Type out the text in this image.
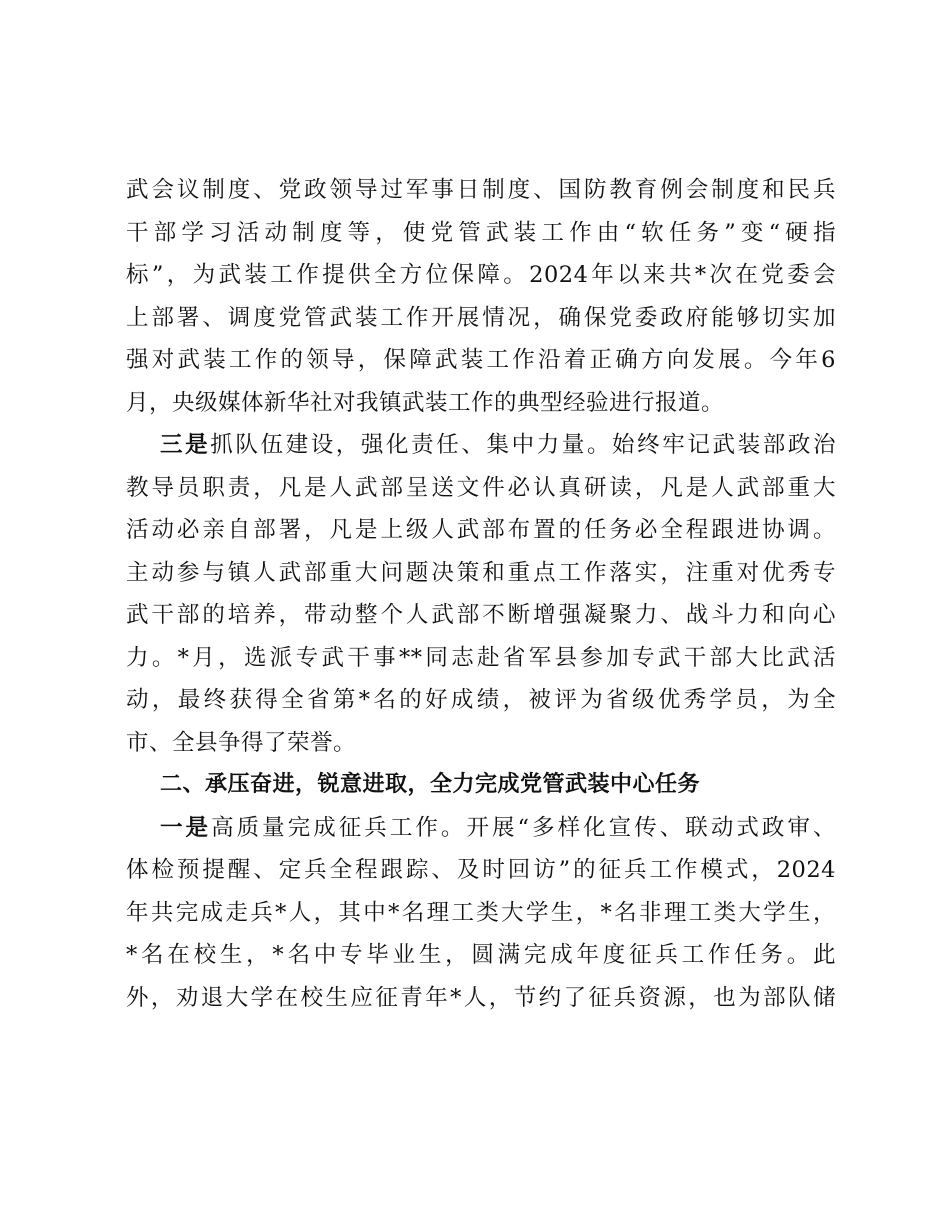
武会议制度、党政领导过军事日制度、国防教育例会制度和民兵
干部学习活动制度等，使党管武装工作由“软任务”变“硬指
标”，为武装工作提供全方位保障。2024年以来共*次在党委会
上部署、调度党管武装工作开展情况，确保党委政府能够切实加
强对武装工作的领导，保障武装工作沿着正确方向发展。今年6
月，央级媒体新华社对我镇武装工作的典型经验进行报道。
三是抓队伍建设，强化责任、集中力量。始终牢记武装部政治
教导员职责，凡是人武部呈送文件必认真研读，凡是人武部重大
活动必亲自部署，凡是上级人武部布置的任务必全程跟进协调。
主动参与镇人武部重大问题决策和重点工作落实，注重对优秀专
武干部的培养，带动整个人武部不断增强凝聚力、战斗力和向心
力。*月，选派专武干事**同志赴省军县参加专武干部大比武活
动，最终获得全省第*名的好成绩，被评为省级优秀学员，为全
市、全县争得了荣誉。
二、承压奋进，锐意进取，全力完成党管武装中心任务
一是高质量完成征兵工作。开展“多样化宣传、联动式政审、
体检预提醒、定兵全程跟踪、及时回访”的征兵工作模式，2024
年共完成走兵*人，其中*名理工类大学生，*名非理工类大学生，
*名在校生，*名中专毕业生，圆满完成年度征兵工作任务。此
外，劝退大学在校生应征青年*人，节约了征兵资源，也为部队储
